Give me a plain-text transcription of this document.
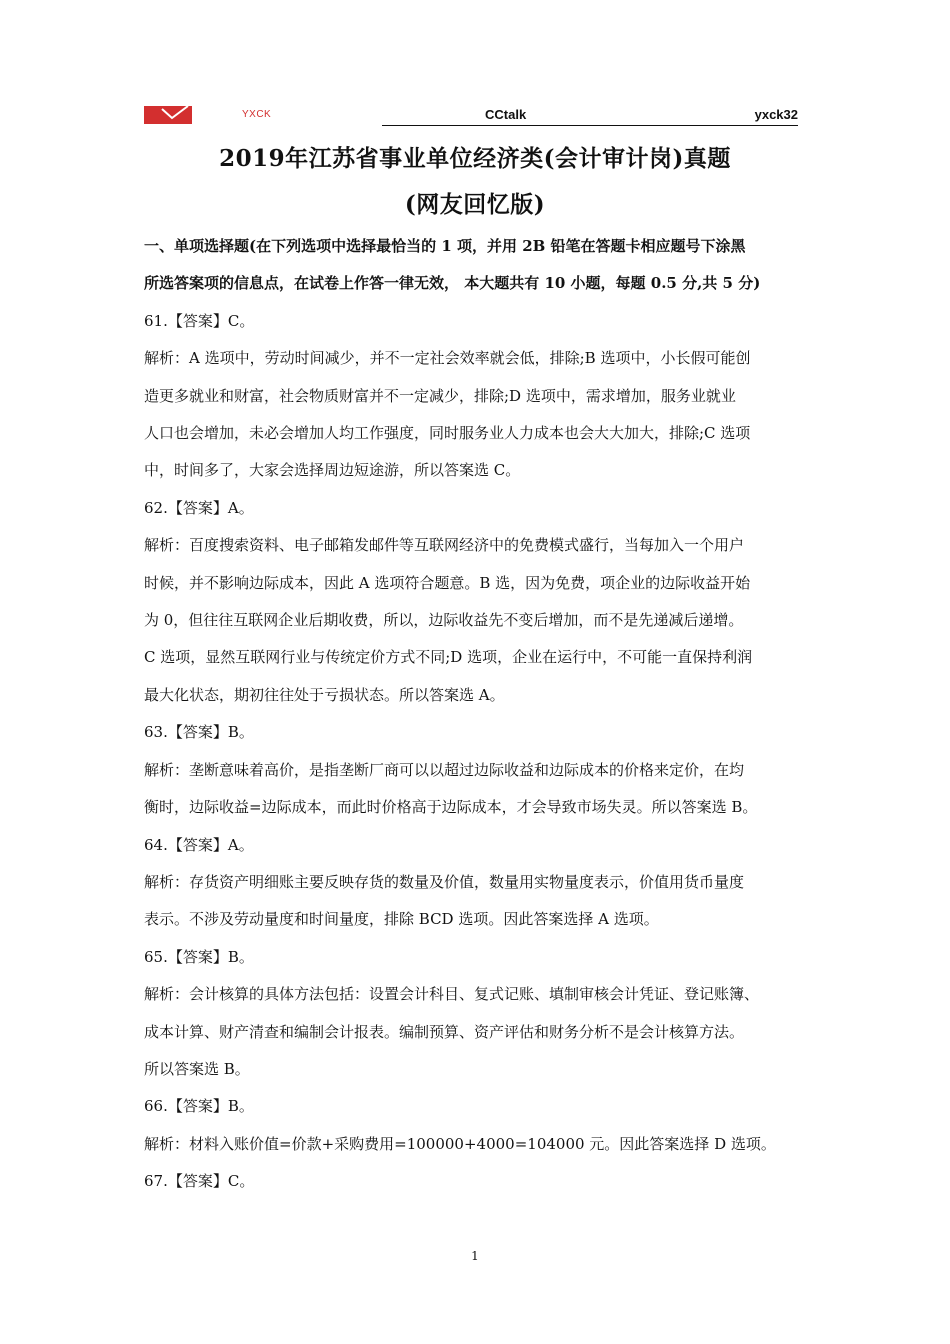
YXCK	CCtalk	yxck32
2019年江苏省事业单位经济类(会计审计岗)真题
(网友回忆版)

一、单项选择题(在下列选项中选择最恰当的 1 项，并用 2B 铅笔在答题卡相应题号下涂黑

所选答案项的信息点，在试卷上作答一律无效， 本大题共有 10 小题，每题 0.5 分,共 5 分)

61.【答案】C。

解析：A 选项中，劳动时间减少，并不一定社会效率就会低，排除;B 选项中，小长假可能创

造更多就业和财富，社会物质财富并不一定减少，排除;D 选项中，需求增加，服务业就业

人口也会增加，未必会增加人均工作强度，同时服务业人力成本也会大大加大，排除;C 选项

中，时间多了，大家会选择周边短途游，所以答案选 C。

62.【答案】A。

解析：百度搜索资料、电子邮箱发邮件等互联网经济中的免费模式盛行，当每加入一个用户

时候，并不影响边际成本，因此 A 选项符合题意。B 选，因为免费，项企业的边际收益开始

为 0，但往往互联网企业后期收费，所以，边际收益先不变后增加，而不是先递减后递增。

C 选项，显然互联网行业与传统定价方式不同;D 选项，企业在运行中，不可能一直保持利润

最大化状态，期初往往处于亏损状态。所以答案选 A。

63.【答案】B。

解析：垄断意味着高价，是指垄断厂商可以以超过边际收益和边际成本的价格来定价，在均

衡时，边际收益=边际成本，而此时价格高于边际成本，才会导致市场失灵。所以答案选 B。

64.【答案】A。

解析：存货资产明细账主要反映存货的数量及价值，数量用实物量度表示，价值用货币量度

表示。不涉及劳动量度和时间量度，排除 BCD 选项。因此答案选择 A 选项。

65.【答案】B。

解析：会计核算的具体方法包括：设置会计科目、复式记账、填制审核会计凭证、登记账簿、

成本计算、财产清查和编制会计报表。编制预算、资产评估和财务分析不是会计核算方法。

所以答案选 B。

66.【答案】B。

解析：材料入账价值=价款+采购费用=100000+4000=104000 元。因此答案选择 D 选项。

67.【答案】C。

1
